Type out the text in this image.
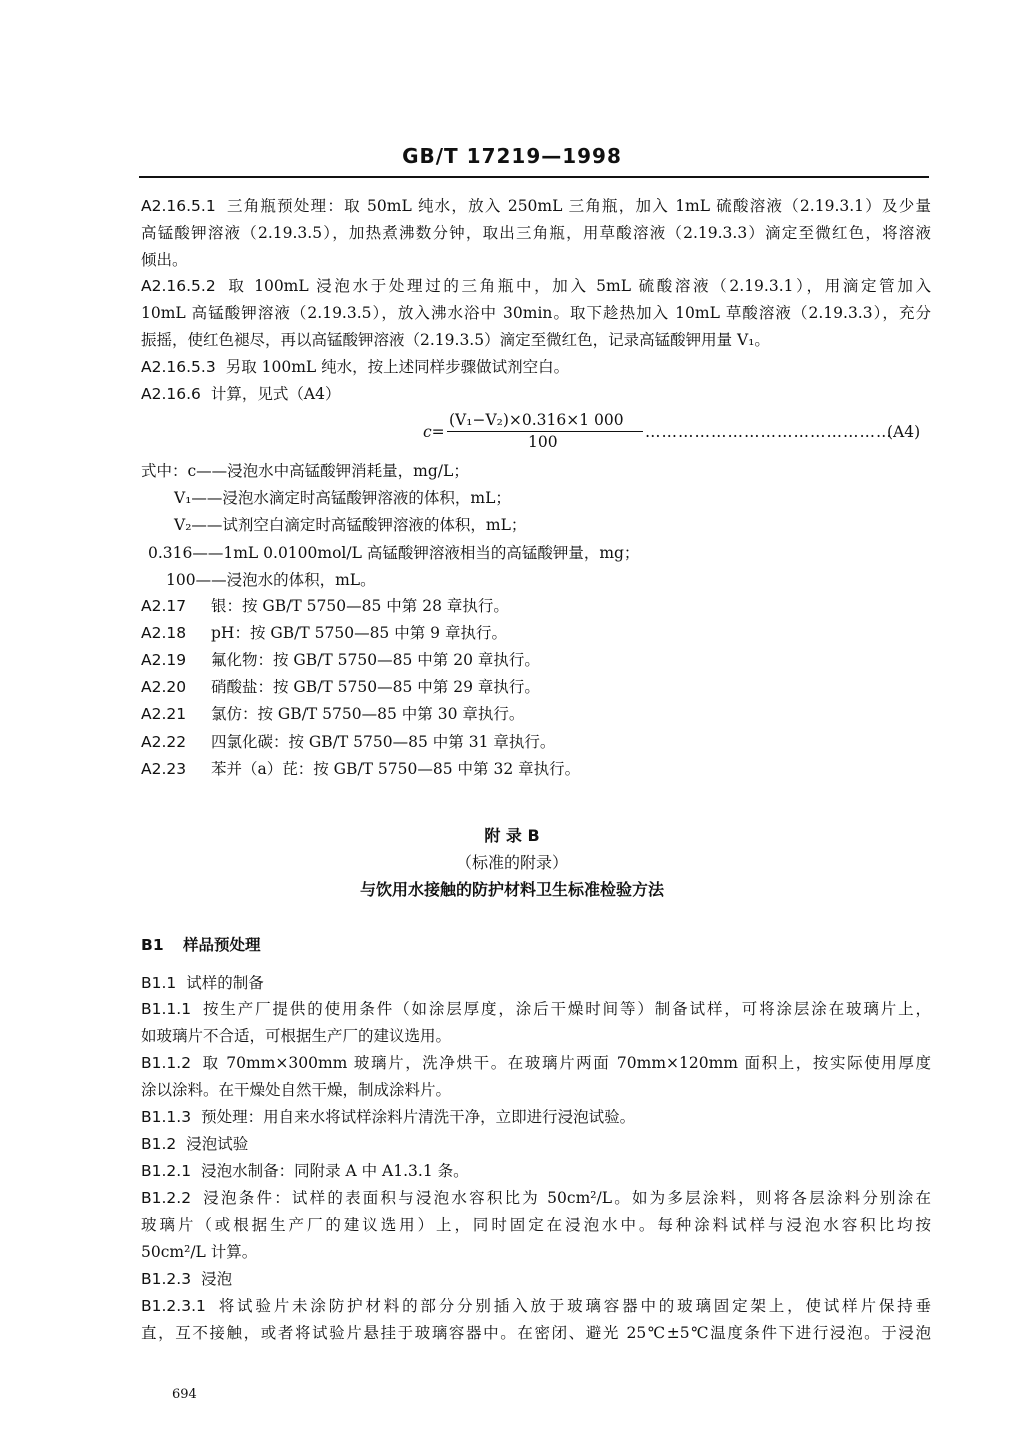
GB/T 17219—1998
A2.16.5.1 三角瓶预处理：取 50mL 纯水，放入 250mL 三角瓶，加入 1mL 硫酸溶液（2.19.3.1）及少量
高锰酸钾溶液（2.19.3.5），加热煮沸数分钟，取出三角瓶，用草酸溶液（2.19.3.3）滴定至微红色，将溶液
倾出。
A2.16.5.2 取 100mL 浸泡水于处理过的三角瓶中，加入 5mL 硫酸溶液（2.19.3.1），用滴定管加入
10mL 高锰酸钾溶液（2.19.3.5），放入沸水浴中 30min。取下趁热加入 10mL 草酸溶液（2.19.3.3），充分
振摇，使红色褪尽，再以高锰酸钾溶液（2.19.3.5）滴定至微红色，记录高锰酸钾用量 V₁。
A2.16.5.3 另取 100mL 纯水，按上述同样步骤做试剂空白。
A2.16.6 计算，见式（A4）
c=
(V₁−V₂)×0.316×1 000
100
………………………………………
(A4)
式中：c——浸泡水中高锰酸钾消耗量，mg/L；
V₁——浸泡水滴定时高锰酸钾溶液的体积，mL；
V₂——试剂空白滴定时高锰酸钾溶液的体积，mL；
0.316——1mL 0.0100mol/L 高锰酸钾溶液相当的高锰酸钾量，mg；
100——浸泡水的体积，mL。
A2.17 银：按 GB/T 5750—85 中第 28 章执行。
A2.18 pH：按 GB/T 5750—85 中第 9 章执行。
A2.19 氟化物：按 GB/T 5750—85 中第 20 章执行。
A2.20 硝酸盐：按 GB/T 5750—85 中第 29 章执行。
A2.21 氯仿：按 GB/T 5750—85 中第 30 章执行。
A2.22 四氯化碳：按 GB/T 5750—85 中第 31 章执行。
A2.23 苯并（a）芘：按 GB/T 5750—85 中第 32 章执行。
附 录 B
（标准的附录）
与饮用水接触的防护材料卫生标准检验方法
B1 样品预处理
B1.1 试样的制备
B1.1.1 按生产厂提供的使用条件（如涂层厚度，涂后干燥时间等）制备试样，可将涂层涂在玻璃片上，
如玻璃片不合适，可根据生产厂的建议选用。
B1.1.2 取 70mm×300mm 玻璃片，洗净烘干。在玻璃片两面 70mm×120mm 面积上，按实际使用厚度
涂以涂料。在干燥处自然干燥，制成涂料片。
B1.1.3 预处理：用自来水将试样涂料片清洗干净，立即进行浸泡试验。
B1.2 浸泡试验
B1.2.1 浸泡水制备：同附录 A 中 A1.3.1 条。
B1.2.2 浸泡条件：试样的表面积与浸泡水容积比为 50cm²/L。如为多层涂料，则将各层涂料分别涂在
玻璃片（或根据生产厂的建议选用）上，同时固定在浸泡水中。每种涂料试样与浸泡水容积比均按
50cm²/L 计算。
B1.2.3 浸泡
B1.2.3.1 将试验片未涂防护材料的部分分别插入放于玻璃容器中的玻璃固定架上，使试样片保持垂
直，互不接触，或者将试验片悬挂于玻璃容器中。在密闭、避光 25℃±5℃温度条件下进行浸泡。于浸泡
694
